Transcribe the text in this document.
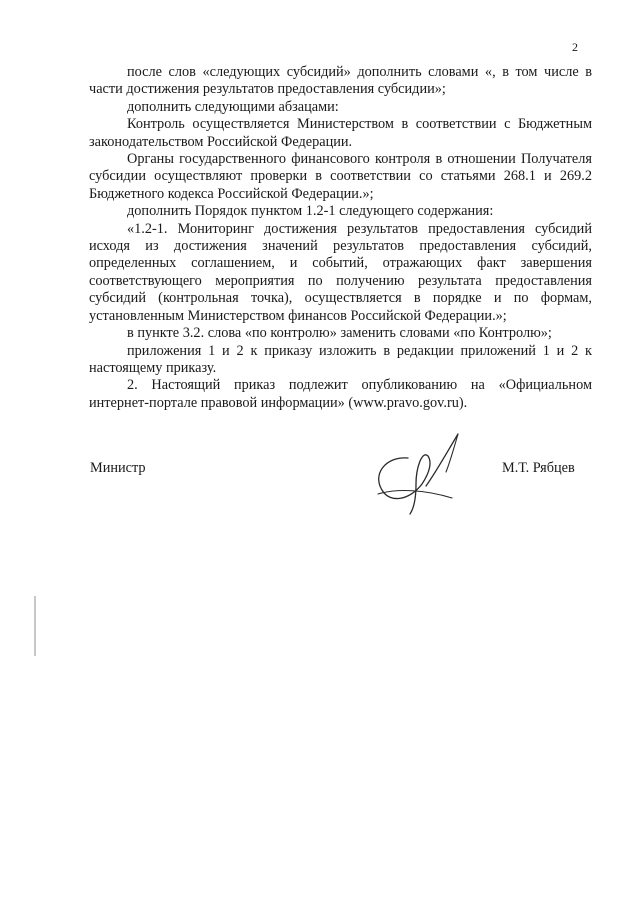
2

после слов «следующих субсидий» дополнить словами «, в том числе в части достижения результатов предоставления субсидии»;

дополнить следующими абзацами:

Контроль осуществляется Министерством в соответствии с Бюджетным законодательством Российской Федерации.

Органы государственного финансового контроля в отношении Получателя субсидии осуществляют проверки в соответствии со статьями 268.1 и 269.2 Бюджетного кодекса Российской Федерации.»;

дополнить Порядок пунктом 1.2-1 следующего содержания:

«1.2-1. Мониторинг достижения результатов предоставления субсидий исходя из достижения значений результатов предоставления субсидий, определенных соглашением, и событий, отражающих факт завершения соответствующего мероприятия по получению результата предоставления субсидий (контрольная точка), осуществляется в порядке и по формам, установленным Министерством финансов Российской Федерации.»;

в пункте 3.2. слова «по контролю» заменить словами «по Контролю»;

приложения 1 и 2 к приказу изложить в редакции приложений 1 и 2 к настоящему приказу.

2. Настоящий приказ подлежит опубликованию на «Официальном интернет-портале правовой информации» (www.pravo.gov.ru).

Министр	М.Т. Рябцев
